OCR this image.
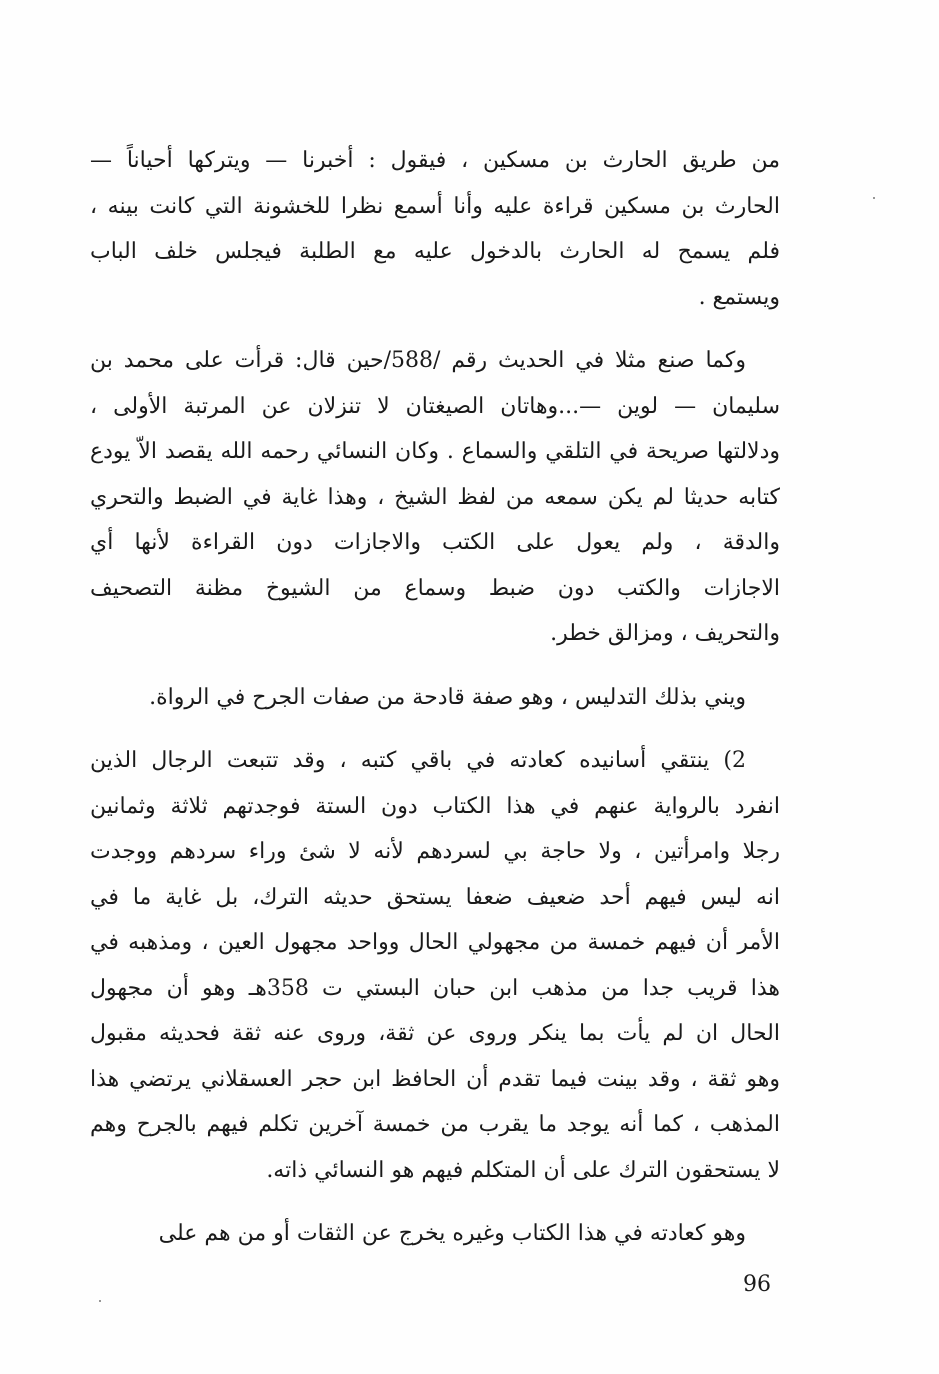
من طريق الحارث بن مسكين ، فيقول : أخبرنا — ويتركها أحياناً —
الحارث بن مسكين قراءة عليه وأنا أسمع نظرا للخشونة التي كانت بينه ،
فلم يسمح له الحارث بالدخول عليه مع الطلبة فيجلس خلف الباب
ويستمع .
وكما صنع مثلا في الحديث رقم /588/حين قال: قرأت على محمد بن
سليمان — لوين —...وهاتان الصيغتان لا تنزلان عن المرتبة الأولى ،
ودلالتها صريحة في التلقي والسماع . وكان النسائي رحمه الله يقصد الاّ يودع
كتابه حديثا لم يكن سمعه من لفظ الشيخ ، وهذا غاية في الضبط والتحري
والدقة ، ولم يعول على الكتب والاجازات دون القراءة لأنها أي
الاجازات والكتب دون ضبط وسماع من الشيوخ مظنة التصحيف
والتحريف ، ومزالق خطر.
ويني بذلك التدليس ، وهو صفة قادحة من صفات الجرح في الرواة.
2) ينتقي أسانيده كعادته في باقي كتبه ، وقد تتبعت الرجال الذين
انفرد بالرواية عنهم في هذا الكتاب دون الستة فوجدتهم ثلاثة وثمانين
رجلا وامرأتين ، ولا حاجة بي لسردهم لأنه لا شئ وراء سردهم ووجدت
انه ليس فيهم أحد ضعيف ضعفا يستحق حديثه الترك، بل غاية ما في
الأمر أن فيهم خمسة من مجهولي الحال وواحد مجهول العين ، ومذهبه في
هذا قريب جدا من مذهب ابن حبان البستي ت 358هـ وهو أن مجهول
الحال ان لم يأت بما ينكر وروى عن ثقة، وروى عنه ثقة فحديثه مقبول
وهو ثقة ، وقد بينت فيما تقدم أن الحافظ ابن حجر العسقلاني يرتضي هذا
المذهب ، كما أنه يوجد ما يقرب من خمسة آخرين تكلم فيهم بالجرح وهم
لا يستحقون الترك على أن المتكلم فيهم هو النسائي ذاته.
وهو كعادته في هذا الكتاب وغيره يخرج عن الثقات أو من هم على
96
